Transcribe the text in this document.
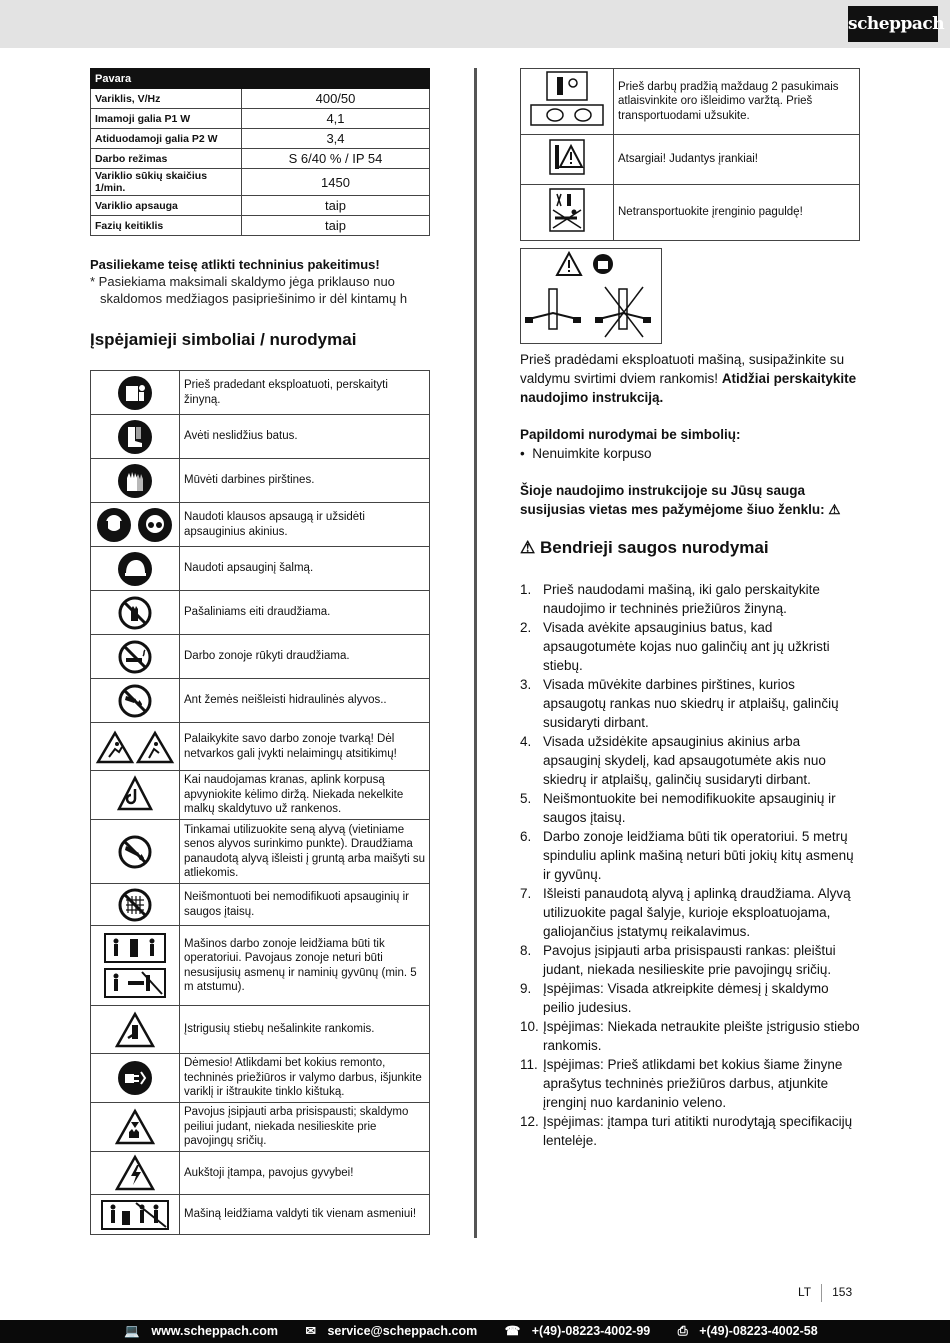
scheppach
Pavara	
Variklis, V/Hz	400/50
Imamoji galia P1 W	4,1
Atiduodamoji galia P2 W	3,4
Darbo režimas	S 6/40 % / IP 54
Variklio sūkių skaičius 1/min.	1450
Variklio apsauga	taip
Fazių keitiklis	taip
Pasiliekame teisę atlikti techninius pakeitimus!
* Pasiekiama maksimali skaldymo jėga priklauso nuo skaldomos medžiagos pasipriešinimo ir dėl kintamų h
Įspėjamieji simboliai / nurodymai
	Prieš pradedant eksploatuoti, perskaityti žinyną.
	Avėti neslidžius batus.
	Mūvėti darbines pirštines.
	Naudoti klausos apsaugą ir užsidėti apsauginius akinius.
	Naudoti apsauginį šalmą.
	Pašaliniams eiti draudžiama.
	Darbo zonoje rūkyti draudžiama.
	Ant žemės neišleisti hidraulinės alyvos..
	Palaikykite savo darbo zonoje tvarką! Dėl netvarkos gali įvykti nelaimingų atsitikimų!
	Kai naudojamas kranas, aplink korpusą apvyniokite kėlimo diržą. Niekada nekelkite malkų skaldytuvo už rankenos.
	Tinkamai utilizuokite seną alyvą (vietiniame senos alyvos surinkimo punkte). Draudžiama panaudotą alyvą išleisti į gruntą arba maišyti su atliekomis.
	Neišmontuoti bei nemodifikuoti apsauginių ir saugos įtaisų.
	Mašinos darbo zonoje leidžiama būti tik operatoriui. Pavojaus zonoje neturi būti nesusijusių asmenų ir naminių gyvūnų (min. 5 m atstumu).
	Įstrigusių stiebų nešalinkite rankomis.
	Dėmesio! Atlikdami bet kokius remonto, techninės priežiūros ir valymo darbus, išjunkite variklį ir ištraukite tinklo kištuką.
	Pavojus įsipjauti arba prisispausti; skaldymo peiliui judant, niekada nesilieskite prie pavojingų sričių.
	Aukštoji įtampa, pavojus gyvybei!
	Mašiną leidžiama valdyti tik vienam asmeniui!
	Prieš darbų pradžią maždaug 2 pasukimais atlaisvinkite oro išleidimo varžtą. Prieš transportuodami užsukite.
	Atsargiai! Judantys įrankiai!
	Netransportuokite įrenginio paguldę!

Prieš pradėdami eksploatuoti mašiną, susipažinkite su valdymu svirtimi dviem rankomis! Atidžiai perskaitykite naudojimo instrukciją.

Papildomi nurodymai be simbolių:

•  Nenuimkite korpuso

Šioje naudojimo instrukcijoje su Jūsų sauga susijusias vietas mes pažymėjome šiuo ženklu: ⚠

⚠ Bendrieji saugos nurodymai
1. Prieš naudodami mašiną, iki galo perskaitykite naudojimo ir techninės priežiūros žinyną.
2. Visada avėkite apsauginius batus, kad apsaugotumėte kojas nuo galinčių ant jų užkristi stiebų.
3. Visada mūvėkite darbines pirštines, kurios apsaugotų rankas nuo skiedrų ir atplaišų, galinčių susidaryti dirbant.
4. Visada užsidėkite apsauginius akinius arba apsauginį skydelį, kad apsaugotumėte akis nuo skiedrų ir atplaišų, galinčių susidaryti dirbant.
5. Neišmontuokite bei nemodifikuokite apsauginių ir saugos įtaisų.
6. Darbo zonoje leidžiama būti tik operatoriui. 5 metrų spinduliu aplink mašiną neturi būti jokių kitų asmenų ir gyvūnų.
7. Išleisti panaudotą alyvą į aplinką draudžiama. Alyvą utilizuokite pagal šalyje, kurioje eksploatuojama, galiojančius įstatymų reikalavimus.
8. Pavojus įsipjauti arba prisispausti rankas: pleištui judant, niekada nesilieskite prie pavojingų sričių.
9. Įspėjimas: Visada atkreipkite dėmesį į skaldymo peilio judesius.
10. Įspėjimas: Niekada netraukite pleište įstrigusio stiebo rankomis.
11. Įspėjimas: Prieš atlikdami bet kokius šiame žinyne aprašytus techninės priežiūros darbus, atjunkite įrenginį nuo kardaninio veleno.
12. Įspėjimas: įtampa turi atitikti nurodytąją specifikacijų lentelėje.
LT 153
💻 www.scheppach.com ✉ service@scheppach.com ☎ +(49)-08223-4002-99 ⎙ +(49)-08223-4002-58
